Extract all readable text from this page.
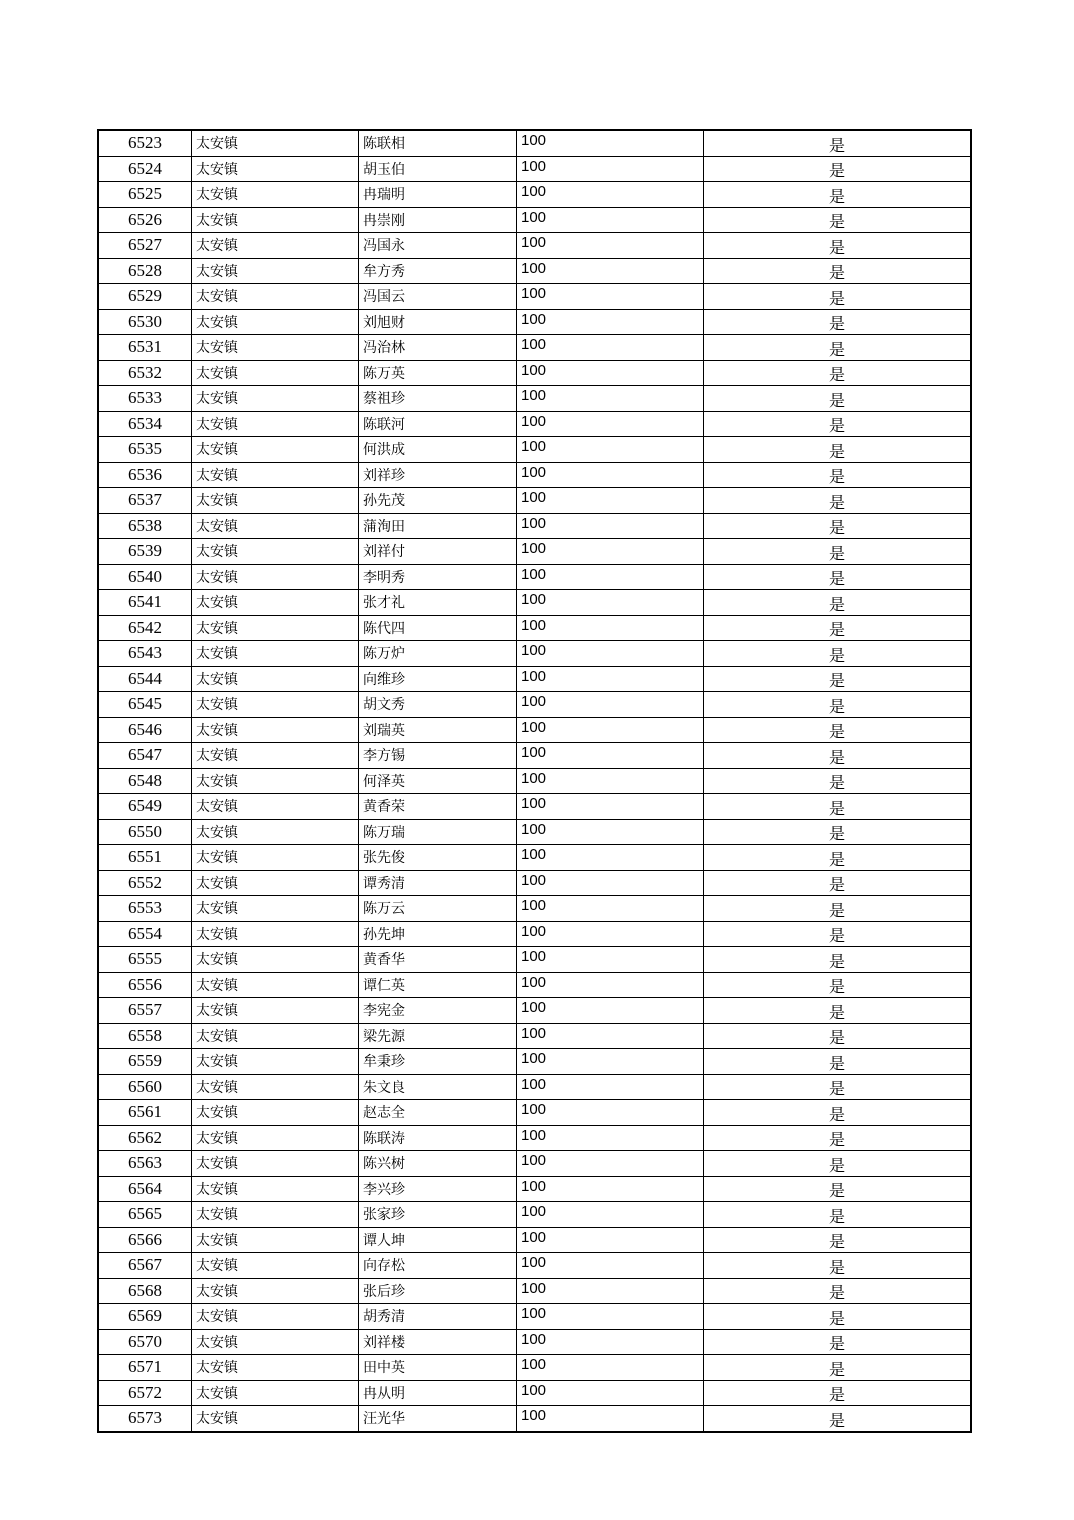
6523	太安镇	陈联相	100	是
6524	太安镇	胡玉伯	100	是
6525	太安镇	冉瑞明	100	是
6526	太安镇	冉崇刚	100	是
6527	太安镇	冯国永	100	是
6528	太安镇	牟方秀	100	是
6529	太安镇	冯国云	100	是
6530	太安镇	刘旭财	100	是
6531	太安镇	冯治林	100	是
6532	太安镇	陈万英	100	是
6533	太安镇	蔡祖珍	100	是
6534	太安镇	陈联河	100	是
6535	太安镇	何洪成	100	是
6536	太安镇	刘祥珍	100	是
6537	太安镇	孙先茂	100	是
6538	太安镇	蒲洵田	100	是
6539	太安镇	刘祥付	100	是
6540	太安镇	李明秀	100	是
6541	太安镇	张才礼	100	是
6542	太安镇	陈代四	100	是
6543	太安镇	陈万炉	100	是
6544	太安镇	向维珍	100	是
6545	太安镇	胡文秀	100	是
6546	太安镇	刘瑞英	100	是
6547	太安镇	李方锡	100	是
6548	太安镇	何泽英	100	是
6549	太安镇	黄香荣	100	是
6550	太安镇	陈万瑞	100	是
6551	太安镇	张先俊	100	是
6552	太安镇	谭秀清	100	是
6553	太安镇	陈万云	100	是
6554	太安镇	孙先坤	100	是
6555	太安镇	黄香华	100	是
6556	太安镇	谭仁英	100	是
6557	太安镇	李宪金	100	是
6558	太安镇	梁先源	100	是
6559	太安镇	牟秉珍	100	是
6560	太安镇	朱文良	100	是
6561	太安镇	赵志全	100	是
6562	太安镇	陈联涛	100	是
6563	太安镇	陈兴树	100	是
6564	太安镇	李兴珍	100	是
6565	太安镇	张家珍	100	是
6566	太安镇	谭人坤	100	是
6567	太安镇	向存松	100	是
6568	太安镇	张后珍	100	是
6569	太安镇	胡秀清	100	是
6570	太安镇	刘祥楼	100	是
6571	太安镇	田中英	100	是
6572	太安镇	冉从明	100	是
6573	太安镇	汪光华	100	是
